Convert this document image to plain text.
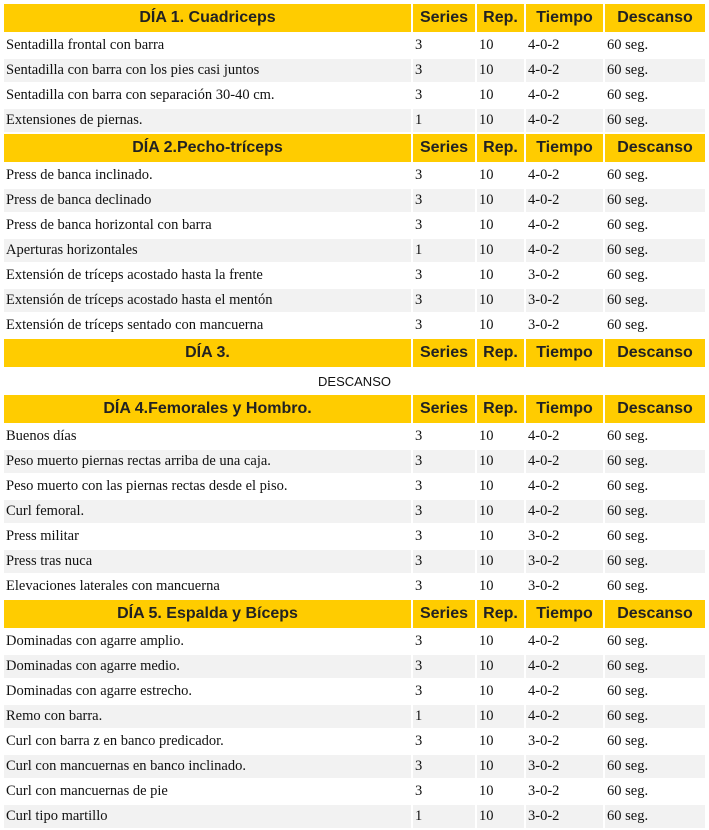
DÍA 1. Cuadriceps	Series	Rep.	Tiempo	Descanso
Sentadilla frontal con barra	3	10	4-0-2	60 seg.
Sentadilla con barra con los pies casi juntos	3	10	4-0-2	60 seg.
Sentadilla con barra con separación 30-40 cm.	3	10	4-0-2	60 seg.
Extensiones de piernas.	1	10	4-0-2	60 seg.
DÍA 2.Pecho-tríceps	Series	Rep.	Tiempo	Descanso
Press de banca inclinado.	3	10	4-0-2	60 seg.
Press de banca declinado	3	10	4-0-2	60 seg.
Press de banca horizontal con barra	3	10	4-0-2	60 seg.
Aperturas horizontales	1	10	4-0-2	60 seg.
Extensión de tríceps acostado hasta la frente	3	10	3-0-2	60 seg.
Extensión de tríceps acostado hasta el mentón	3	10	3-0-2	60 seg.
Extensión de tríceps sentado con mancuerna	3	10	3-0-2	60 seg.
DÍA 3.	Series	Rep.	Tiempo	Descanso
DESCANSO				
DÍA 4.Femorales y Hombro.	Series	Rep.	Tiempo	Descanso
Buenos días	3	10	4-0-2	60 seg.
Peso muerto piernas rectas arriba de una caja.	3	10	4-0-2	60 seg.
Peso muerto con las piernas rectas desde el piso.	3	10	4-0-2	60 seg.
Curl femoral.	3	10	4-0-2	60 seg.
Press militar	3	10	3-0-2	60 seg.
Press tras nuca	3	10	3-0-2	60 seg.
Elevaciones laterales con mancuerna	3	10	3-0-2	60 seg.
DÍA 5. Espalda y Bíceps	Series	Rep.	Tiempo	Descanso
Dominadas con agarre amplio.	3	10	4-0-2	60 seg.
Dominadas con agarre medio.	3	10	4-0-2	60 seg.
Dominadas con agarre estrecho.	3	10	4-0-2	60 seg.
Remo con barra.	1	10	4-0-2	60 seg.
Curl con barra z en banco predicador.	3	10	3-0-2	60 seg.
Curl con mancuernas en banco inclinado.	3	10	3-0-2	60 seg.
Curl con mancuernas de pie	3	10	3-0-2	60 seg.
Curl tipo martillo	1	10	3-0-2	60 seg.
